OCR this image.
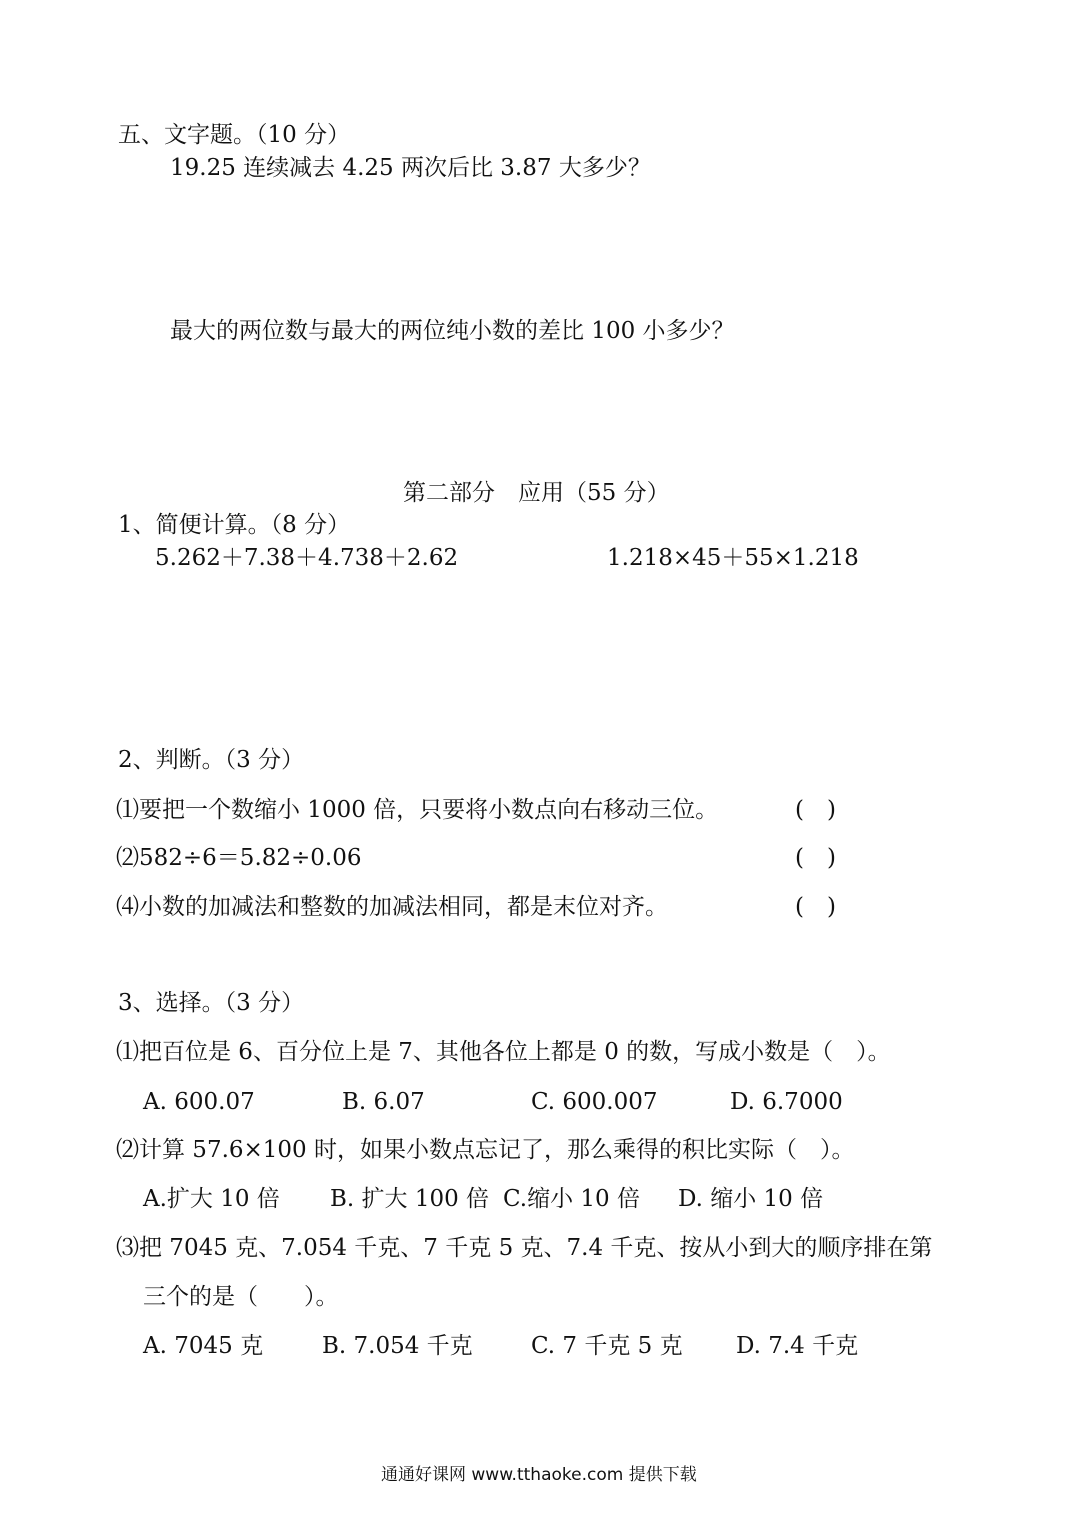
五、文字题。（10 分）

19.25 连续减去 4.25 两次后比 3.87 大多少？

最大的两位数与最大的两位纯小数的差比 100 小多少？

第二部分　应用（55 分）

1、简便计算。（8 分）

5.262＋7.38＋4.738＋2.62	1.218×45＋55×1.218

2、判断。（3 分）

⑴要把一个数缩小 1000 倍，只要将小数点向右移动三位。	(　)

⑵582÷6＝5.82÷0.06	(　)

⑷小数的加减法和整数的加减法相同，都是末位对齐。	(　)

3、选择。（3 分）

⑴把百位是 6、百分位上是 7、其他各位上都是 0 的数，写成小数是（　）。

A. 600.07	B. 6.07	C. 600.007	D. 6.7000

⑵计算 57.6×100 时，如果小数点忘记了，那么乘得的积比实际（　）。

A.扩大 10 倍	B. 扩大 100 倍 C.缩小 10 倍	D. 缩小 10 倍

⑶把 7045 克、7.054 千克、7 千克 5 克、7.4 千克、按从小到大的顺序排在第

三个的是（　　）。

A. 7045 克	B. 7.054 千克	C. 7 千克 5 克	D. 7.4 千克

通通好课网 www.tthaoke.com 提供下载
